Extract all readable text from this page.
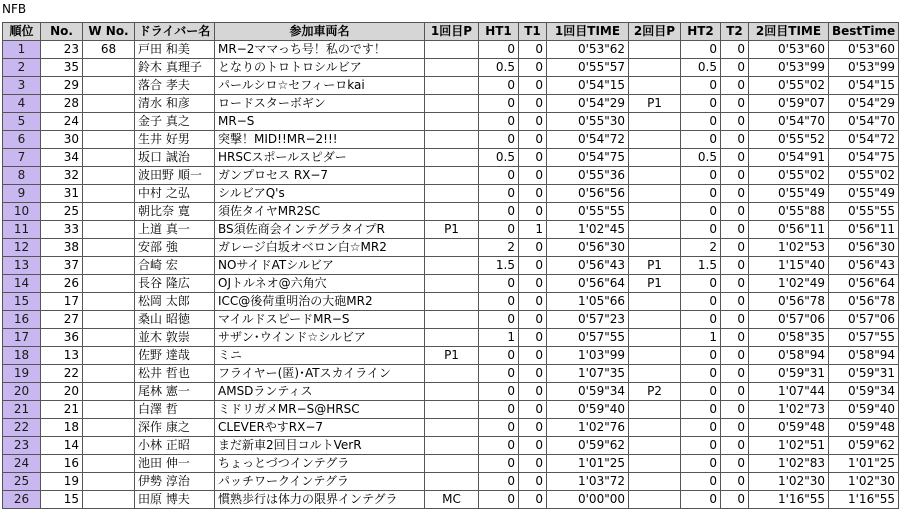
NFB
順位	No.	W No.	ドライバー名	参加車両名	1回目P	HT1	T1	1回目TIME	2回目P	HT2	T2	2回目TIME	BestTime
1	23	68	戸田 和美	MR−2ママっち号！私のです！		0	0	0'53"62		0	0	0'53"60	0'53"60
2	35		鈴木 真理子	となりのトロトロシルビア		0.5	0	0'55"57		0.5	0	0'53"99	0'53"99
3	29		落合 孝夫	パールシロ☆セフィーロkai		0	0	0'54"15		0	0	0'55"02	0'54"15
4	28		清水 和彦	ロードスターボギン		0	0	0'54"29	P1	0	0	0'59"07	0'54"29
5	24		金子 真之	MR−S		0	0	0'55"30		0	0	0'54"70	0'54"70
6	30		生井 好男	突撃！MID!!MR−2!!!		0	0	0'54"72		0	0	0'55"52	0'54"72
7	34		坂口 誠治	HRSCスポールスピダー		0.5	0	0'54"75		0.5	0	0'54"91	0'54"75
8	32		波田野 順一	ガンプロセス RX−7		0	0	0'55"36		0	0	0'55"02	0'55"02
9	31		中村 之弘	シルビアQ's		0	0	0'56"56		0	0	0'55"49	0'55"49
10	25		朝比奈 寛	須佐タイヤMR2SC		0	0	0'55"55		0	0	0'55"88	0'55"55
11	33		上道 真一	BS須佐商会インテグラタイプR	P1	0	1	1'02"45		0	0	0'56"11	0'56"11
12	38		安部 強	ガレージ白坂オベロン白☆MR2		2	0	0'56"30		2	0	1'02"53	0'56"30
13	37		合崎 宏	NOサイドATシルビア		1.5	0	0'56"43	P1	1.5	0	1'15"40	0'56"43
14	26		長谷 隆広	OJトルネオ@六角穴		0	0	0'56"64	P1	0	0	1'02"49	0'56"64
15	17		松岡 太郎	ICC@後荷重明治の大砲MR2		0	0	1'05"66		0	0	0'56"78	0'56"78
16	27		桑山 昭徳	マイルドスピードMR−S		0	0	0'57"23		0	0	0'57"06	0'57"06
17	36		並木 敦崇	サザン･ウインド☆シルビア		1	0	0'57"55		1	0	0'58"35	0'57"55
18	13		佐野 達哉	ミニ	P1	0	0	1'03"99		0	0	0'58"94	0'58"94
19	22		松井 哲也	フライヤー(匿)･ATスカイライン		0	0	1'07"35		0	0	0'59"31	0'59"31
20	20		尾林 憲一	AMSDランティス		0	0	0'59"34	P2	0	0	1'07"44	0'59"34
21	21		白澤 哲	ミドリガメMR−S@HRSC		0	0	0'59"40		0	0	1'02"73	0'59"40
22	18		深作 康之	CLEVERやすRX−7		0	0	1'02"76		0	0	0'59"48	0'59"48
23	14		小林 正昭	まだ新車2回目コルトVerR		0	0	0'59"62		0	0	1'02"51	0'59"62
24	16		池田 伸一	ちょっとづつインテグラ		0	0	1'01"25		0	0	1'02"83	1'01"25
25	19		伊勢 淳治	パッチワークインテグラ		0	0	1'03"72		0	0	1'02"30	1'02"30
26	15		田原 博夫	慣熟歩行は体力の限界インテグラ	MC	0	0	0'00"00		0	0	1'16"55	1'16"55
